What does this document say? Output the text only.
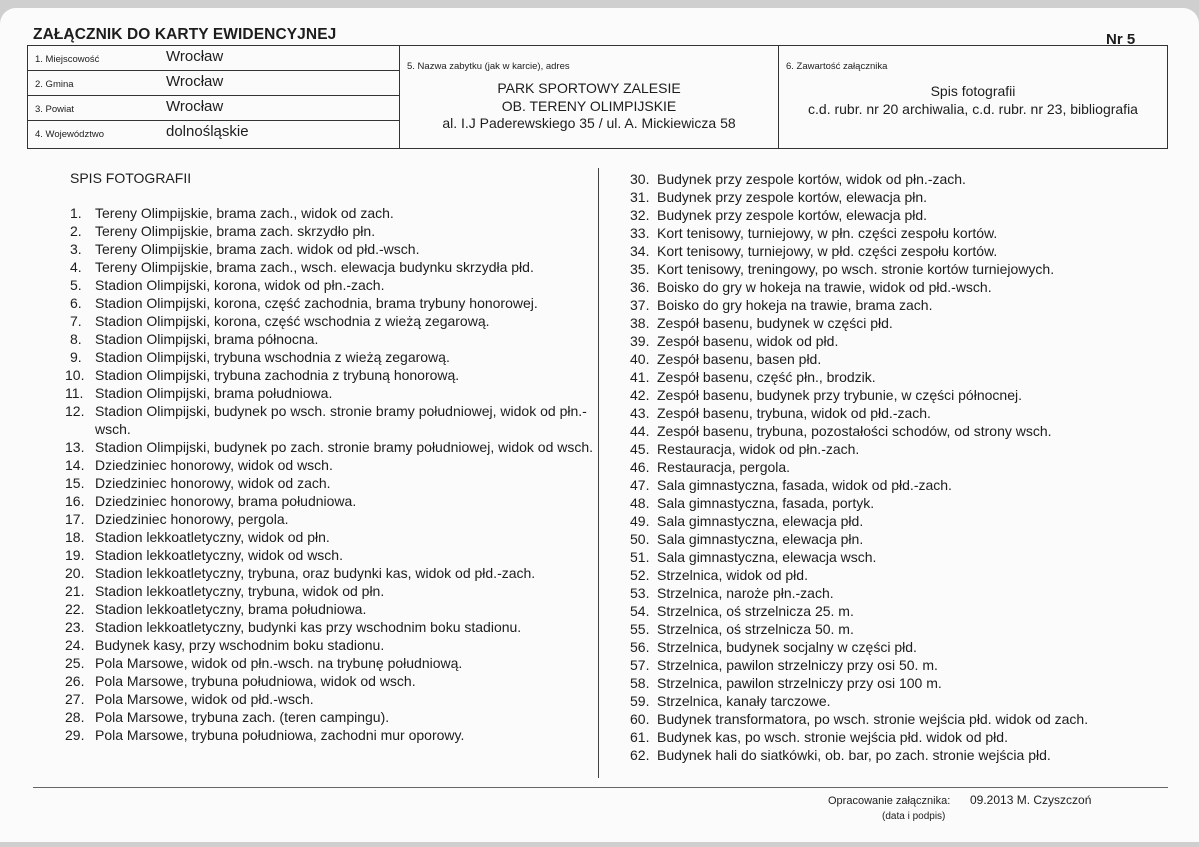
ZAŁĄCZNIK DO KARTY EWIDENCYJNEJ	Nr 5
1. Miejscowość	Wrocław
2. Gmina	Wrocław
3. Powiat	Wrocław
4. Województwo	dolnośląskie
5. Nazwa zabytku (jak w karcie), adres
PARK SPORTOWY ZALESIE
OB. TERENY OLIMPIJSKIE
al. I.J Paderewskiego 35 / ul. A. Mickiewicza 58
6. Zawartość załącznika
Spis fotografii
c.d. rubr. nr 20 archiwalia, c.d. rubr. nr 23, bibliografia
SPIS FOTOGRAFII
1. Tereny Olimpijskie, brama zach., widok od zach.
2. Tereny Olimpijskie, brama zach. skrzydło płn.
3. Tereny Olimpijskie, brama zach. widok od płd.-wsch.
4. Tereny Olimpijskie, brama zach., wsch. elewacja budynku skrzydła płd.
5. Stadion Olimpijski, korona, widok od płn.-zach.
6. Stadion Olimpijski, korona, część zachodnia, brama trybuny honorowej.
7. Stadion Olimpijski, korona, część wschodnia z wieżą zegarową.
8. Stadion Olimpijski, brama północna.
9. Stadion Olimpijski, trybuna wschodnia z wieżą zegarową.
10. Stadion Olimpijski, trybuna zachodnia z trybuną honorową.
11. Stadion Olimpijski, brama południowa.
12. Stadion Olimpijski, budynek po wsch. stronie bramy południowej, widok od płn.-wsch.
13. Stadion Olimpijski, budynek po zach. stronie bramy południowej, widok od wsch.
14. Dziedziniec honorowy, widok od wsch.
15. Dziedziniec honorowy, widok od zach.
16. Dziedziniec honorowy, brama południowa.
17. Dziedziniec honorowy, pergola.
18. Stadion lekkoatletyczny, widok od płn.
19. Stadion lekkoatletyczny, widok od wsch.
20. Stadion lekkoatletyczny, trybuna, oraz budynki kas, widok od płd.-zach.
21. Stadion lekkoatletyczny, trybuna, widok od płn.
22. Stadion lekkoatletyczny, brama południowa.
23. Stadion lekkoatletyczny, budynki kas przy wschodnim boku stadionu.
24. Budynek kasy, przy wschodnim boku stadionu.
25. Pola Marsowe, widok od płn.-wsch. na trybunę południową.
26. Pola Marsowe, trybuna południowa, widok od wsch.
27. Pola Marsowe, widok od płd.-wsch.
28. Pola Marsowe, trybuna zach. (teren campingu).
29. Pola Marsowe, trybuna południowa, zachodni mur oporowy.
30. Budynek przy zespole kortów, widok od płn.-zach.
31. Budynek przy zespole kortów, elewacja płn.
32. Budynek przy zespole kortów, elewacja płd.
33. Kort tenisowy, turniejowy, w płn. części zespołu kortów.
34. Kort tenisowy, turniejowy, w płd. części zespołu kortów.
35. Kort tenisowy, treningowy, po wsch. stronie kortów turniejowych.
36. Boisko do gry w hokeja na trawie, widok od płd.-wsch.
37. Boisko do gry hokeja na trawie, brama zach.
38. Zespół basenu, budynek w części płd.
39. Zespół basenu, widok od płd.
40. Zespół basenu, basen płd.
41. Zespół basenu, część płn., brodzik.
42. Zespół basenu, budynek przy trybunie, w części północnej.
43. Zespół basenu, trybuna, widok od płd.-zach.
44. Zespół basenu, trybuna, pozostałości schodów, od strony wsch.
45. Restauracja, widok od płn.-zach.
46. Restauracja, pergola.
47. Sala gimnastyczna, fasada, widok od płd.-zach.
48. Sala gimnastyczna, fasada, portyk.
49. Sala gimnastyczna, elewacja płd.
50. Sala gimnastyczna, elewacja płn.
51. Sala gimnastyczna, elewacja wsch.
52. Strzelnica, widok od płd.
53. Strzelnica, naroże płn.-zach.
54. Strzelnica, oś strzelnicza 25. m.
55. Strzelnica, oś strzelnicza 50. m.
56. Strzelnica, budynek socjalny w części płd.
57. Strzelnica, pawilon strzelniczy przy osi 50. m.
58. Strzelnica, pawilon strzelniczy przy osi 100 m.
59. Strzelnica, kanały tarczowe.
60. Budynek transformatora, po wsch. stronie wejścia płd. widok od zach.
61. Budynek kas, po wsch. stronie wejścia płd. widok od płd.
62. Budynek hali do siatkówki, ob. bar, po zach. stronie wejścia płd.
Opracowanie załącznika: 09.2013 M. Czyszczoń
(data i podpis)
